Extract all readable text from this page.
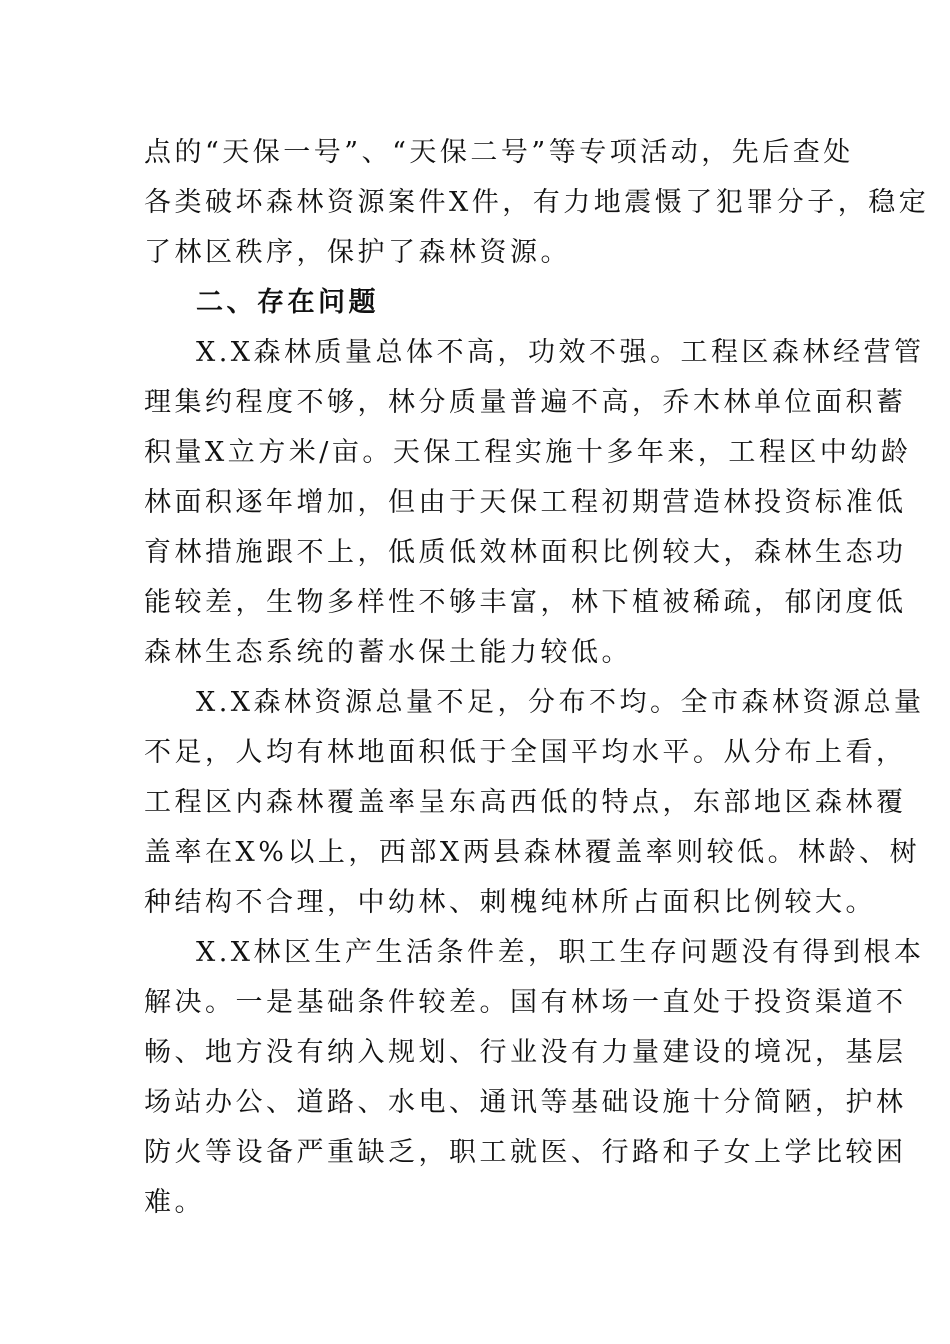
点的“天保一号”、“天保二号”等专项活动，先后查处
各类破坏森林资源案件X件，有力地震慑了犯罪分子，稳定
了林区秩序，保护了森林资源。
二、存在问题
X.X森林质量总体不高，功效不强。工程区森林经营管
理集约程度不够，林分质量普遍不高，乔木林单位面积蓄
积量X立方米/亩。天保工程实施十多年来，工程区中幼龄
林面积逐年增加，但由于天保工程初期营造林投资标准低
育林措施跟不上，低质低效林面积比例较大，森林生态功
能较差，生物多样性不够丰富，林下植被稀疏，郁闭度低
森林生态系统的蓄水保土能力较低。
X.X森林资源总量不足，分布不均。全市森林资源总量
不足，人均有林地面积低于全国平均水平。从分布上看，
工程区内森林覆盖率呈东高西低的特点，东部地区森林覆
盖率在X%以上，西部X两县森林覆盖率则较低。林龄、树
种结构不合理，中幼林、刺槐纯林所占面积比例较大。
X.X林区生产生活条件差，职工生存问题没有得到根本
解决。一是基础条件较差。国有林场一直处于投资渠道不
畅、地方没有纳入规划、行业没有力量建设的境况，基层
场站办公、道路、水电、通讯等基础设施十分简陋，护林
防火等设备严重缺乏，职工就医、行路和子女上学比较困
难。
